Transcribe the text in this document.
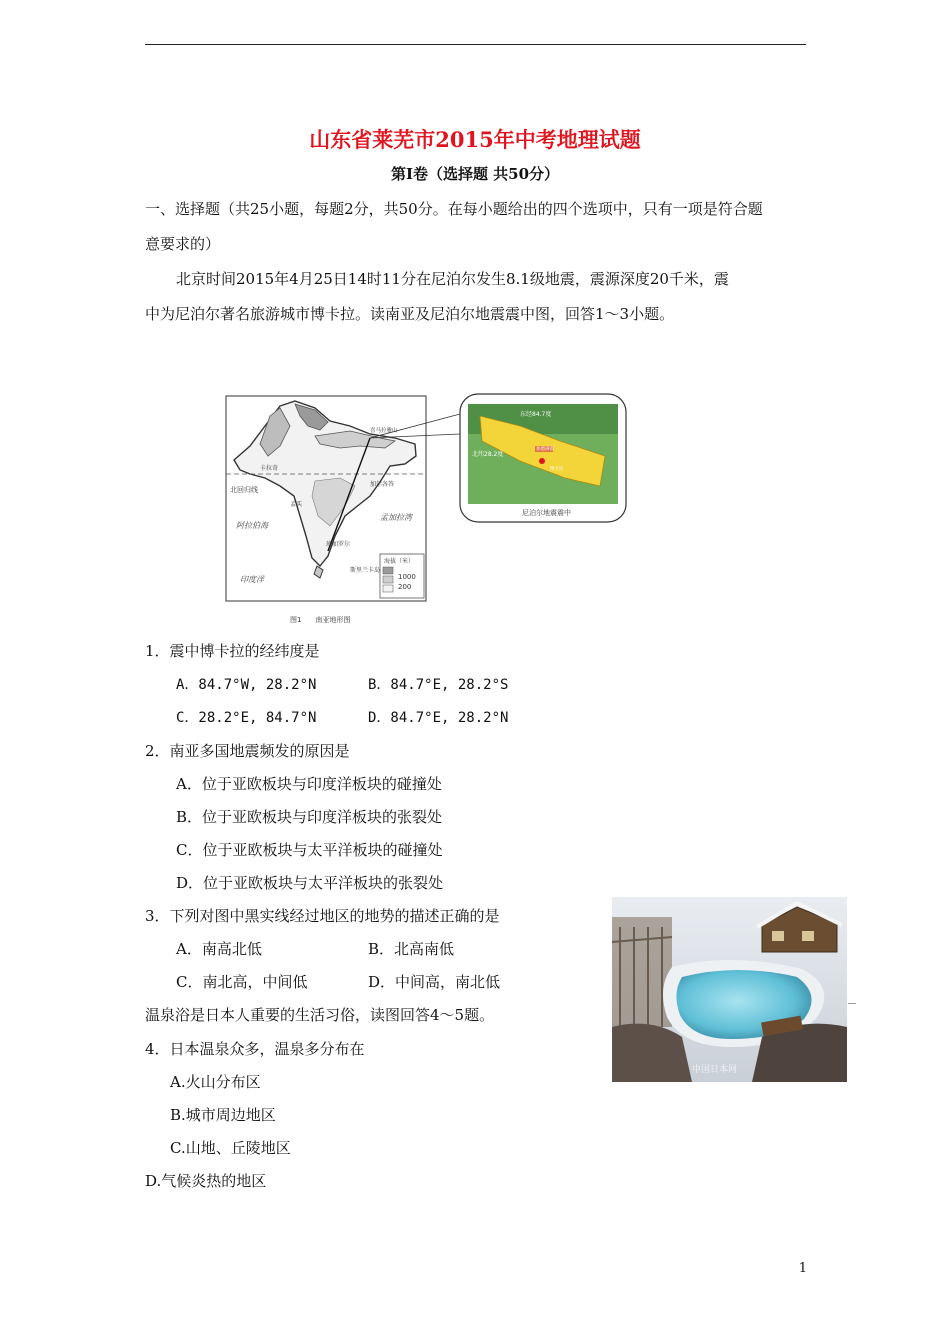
山东省莱芜市2015年中考地理试题
第Ⅰ卷（选择题 共50分）
一、选择题（共25小题，每题2分，共50分。在每小题给出的四个选项中，只有一项是符合题
意要求的）
北京时间2015年4月25日14时11分在尼泊尔发生8.1级地震，震源深度20千米，震
中为尼泊尔著名旅游城市博卡拉。读南亚及尼泊尔地震震中图，回答1～3小题。
北回归线
阿拉伯海
孟加拉湾
印度洋
斯里兰卡岛
加尔各答
卡拉奇
孟买
班加罗尔
喜马拉雅山
海拔（米）
1000
200
图1　　南亚地形图
东经84.7度
北纬28.2度
加德满都
博卡拉
尼泊尔地震震中
1．震中博卡拉的经纬度是
A．84.7°W, 28.2°N	B．84.7°E, 28.2°S
C．28.2°E, 84.7°N	D．84.7°E, 28.2°N
2．南亚多国地震频发的原因是
A．位于亚欧板块与印度洋板块的碰撞处
B．位于亚欧板块与印度洋板块的张裂处
C．位于亚欧板块与太平洋板块的碰撞处
D．位于亚欧板块与太平洋板块的张裂处
3．下列对图中黑实线经过地区的地势的描述正确的是
A．南高北低	B．北高南低
C．南北高，中间低	D．中间高，南北低
温泉浴是日本人重要的生活习俗，读图回答4～5题。
4．日本温泉众多，温泉多分布在
A.火山分布区
B.城市周边地区
C.山地、丘陵地区
D.气候炎热的地区
中国日本网
1
